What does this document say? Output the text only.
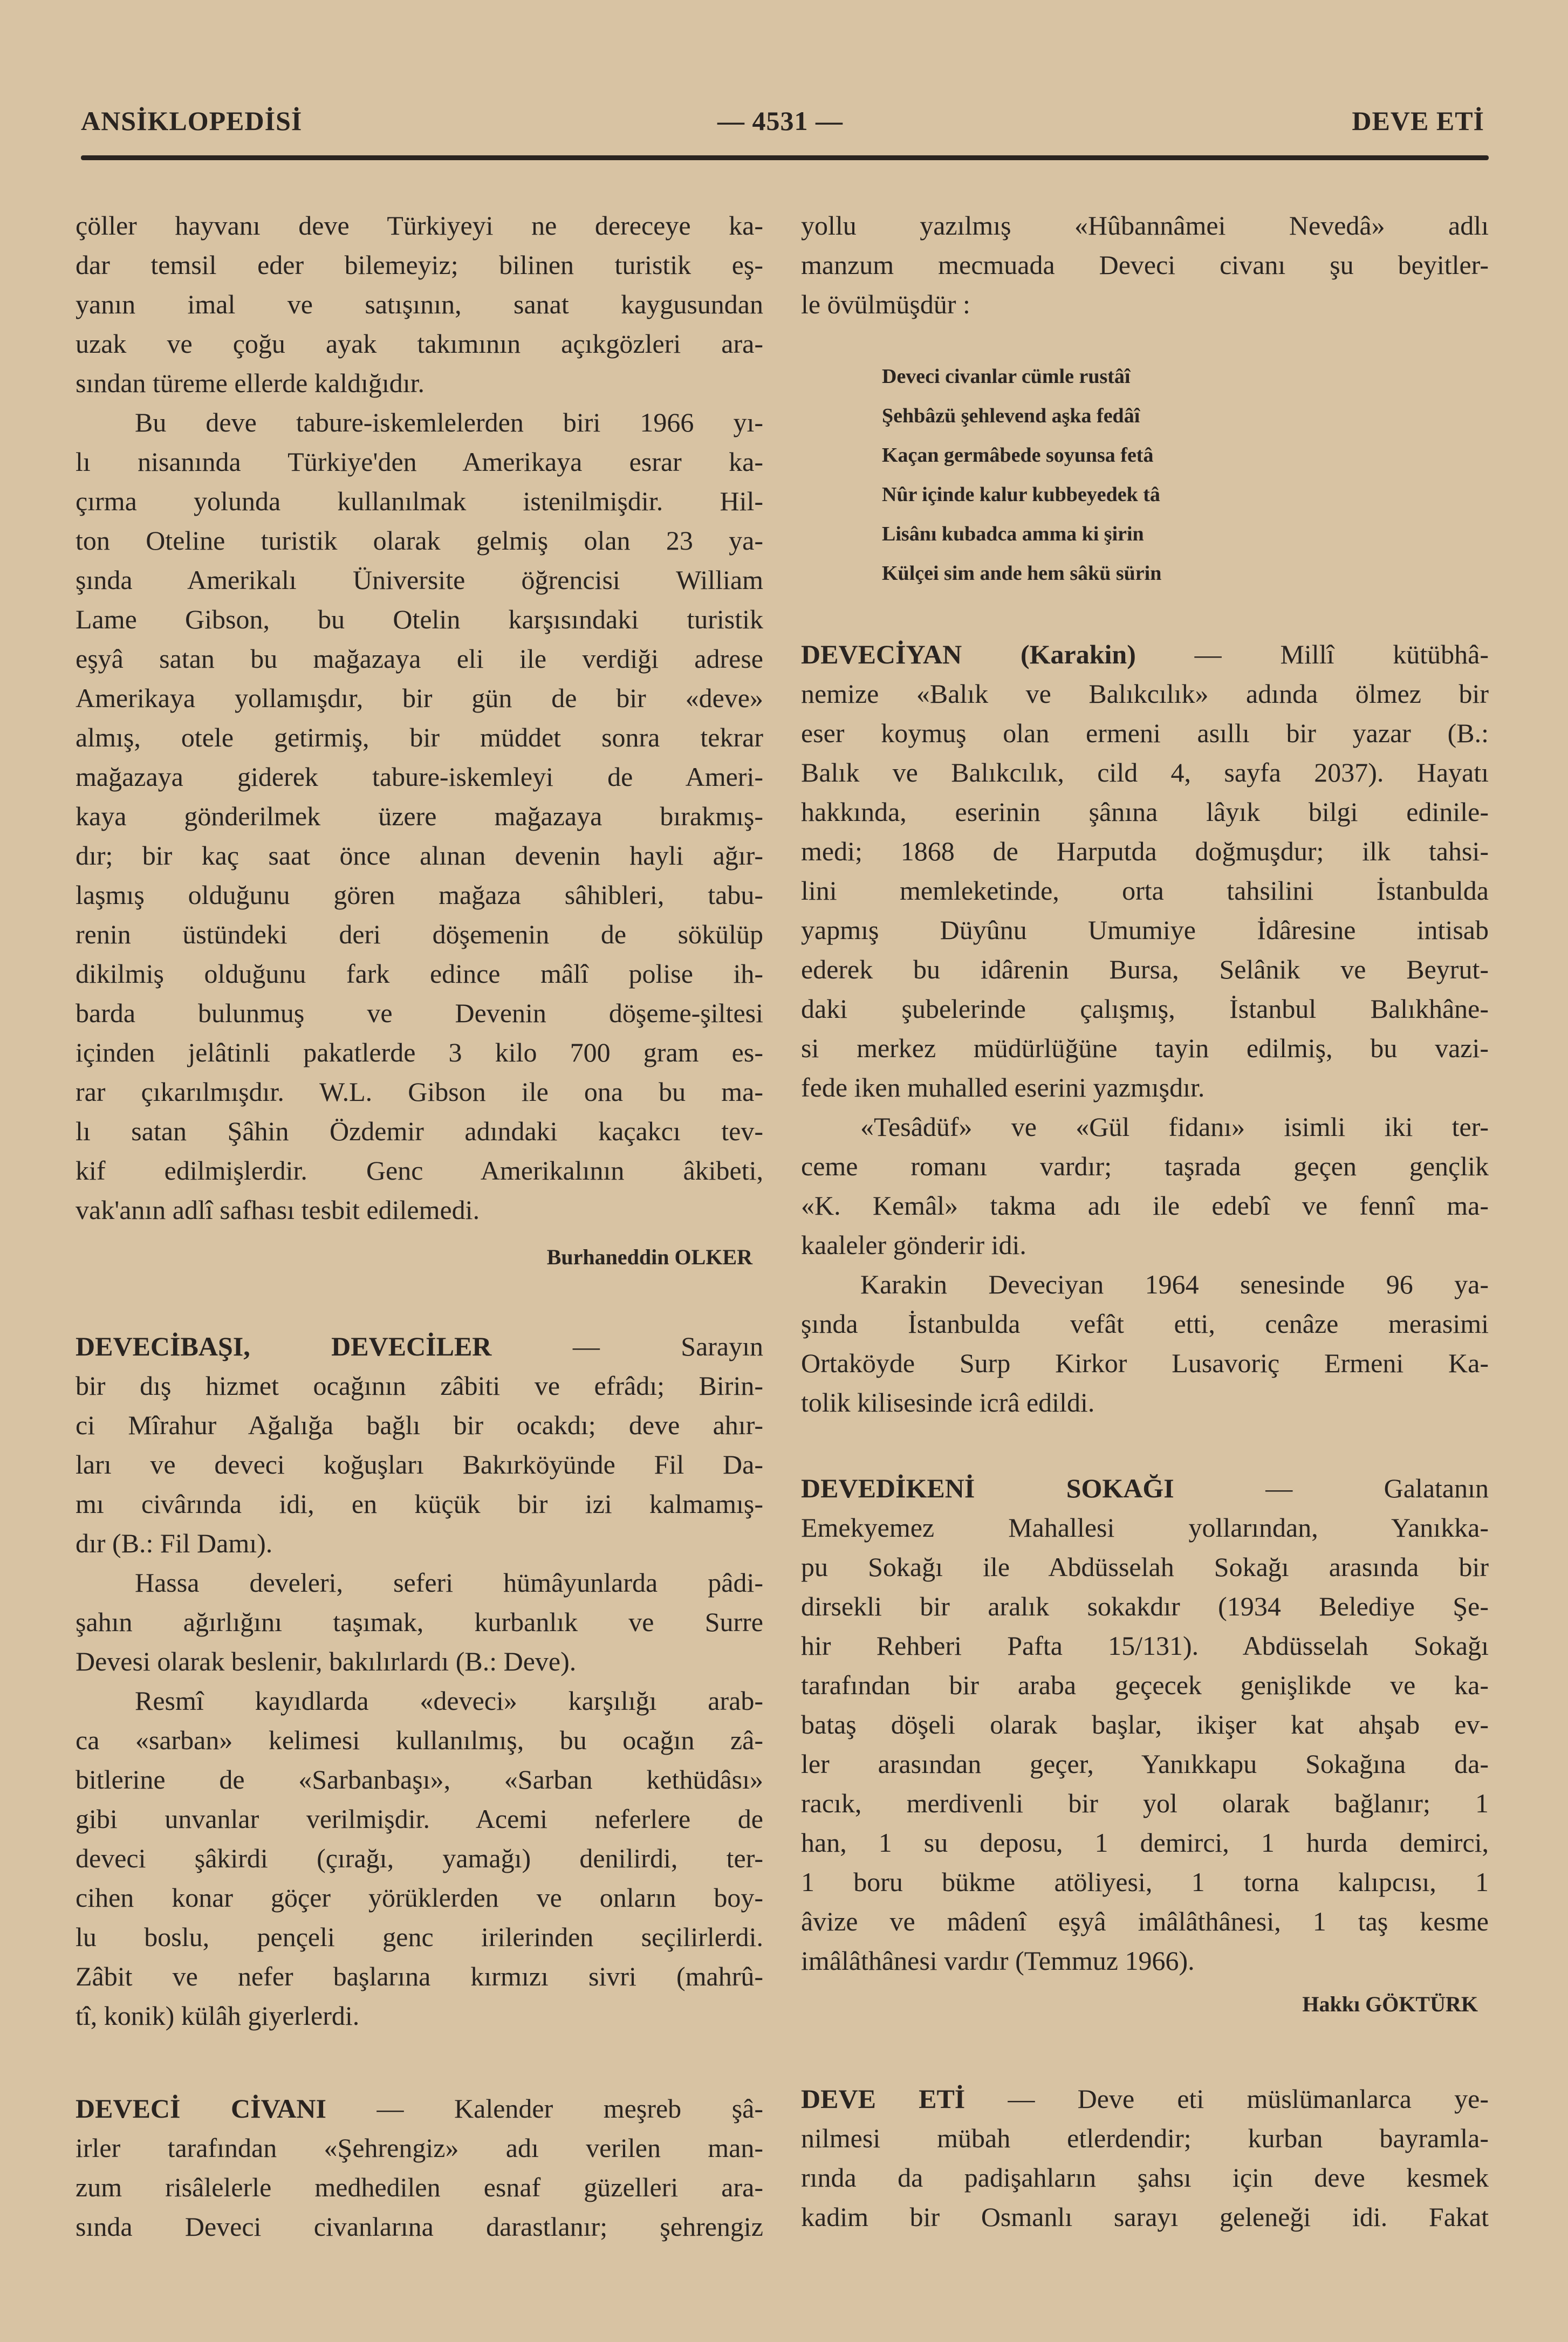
ANSİKLOPEDİSİ	— 4531 —	DEVE ETİ
çöller hayvanı deve Türkiyeyi ne dereceye ka-
dar temsil eder bilemeyiz; bilinen turistik eş-
yanın imal ve satışının, sanat kaygusundan
uzak ve çoğu ayak takımının açıkgözleri ara-
sından türeme ellerde kaldığıdır.
Bu deve tabure-iskemlelerden biri 1966 yı-
lı nisanında Türkiye'den Amerikaya esrar ka-
çırma yolunda kullanılmak istenilmişdir. Hil-
ton Oteline turistik olarak gelmiş olan 23 ya-
şında Amerikalı Üniversite öğrencisi William
Lame Gibson, bu Otelin karşısındaki turistik
eşyâ satan bu mağazaya eli ile verdiği adrese
Amerikaya yollamışdır, bir gün de bir «deve»
almış, otele getirmiş, bir müddet sonra tekrar
mağazaya giderek tabure-iskemleyi de Ameri-
kaya gönderilmek üzere mağazaya bırakmış-
dır; bir kaç saat önce alınan devenin hayli ağır-
laşmış olduğunu gören mağaza sâhibleri, tabu-
renin üstündeki deri döşemenin de sökülüp
dikilmiş olduğunu fark edince mâlî polise ih-
barda bulunmuş ve Devenin döşeme-şiltesi
içinden jelâtinli pakatlerde 3 kilo 700 gram es-
rar çıkarılmışdır. W.L. Gibson ile ona bu ma-
lı satan Şâhin Özdemir adındaki kaçakcı tev-
kif edilmişlerdir. Genc Amerikalının âkibeti,
vak'anın adlî safhası tesbit edilemedi.
Burhaneddin OLKER
DEVECİBAŞI, DEVECİLER — Sarayın
bir dış hizmet ocağının zâbiti ve efrâdı; Birin-
ci Mîrahur Ağalığa bağlı bir ocakdı; deve ahır-
ları ve deveci koğuşları Bakırköyünde Fil Da-
mı civârında idi, en küçük bir izi kalmamış-
dır (B.: Fil Damı).
Hassa develeri, seferi hümâyunlarda pâdi-
şahın ağırlığını taşımak, kurbanlık ve Surre
Devesi olarak beslenir, bakılırlardı (B.: Deve).
Resmî kayıdlarda «deveci» karşılığı arab-
ca «sarban» kelimesi kullanılmış, bu ocağın zâ-
bitlerine de «Sarbanbaşı», «Sarban kethüdâsı»
gibi unvanlar verilmişdir. Acemi neferlere de
deveci şâkirdi (çırağı, yamağı) denilirdi, ter-
cihen konar göçer yörüklerden ve onların boy-
lu boslu, pençeli genc irilerinden seçilirlerdi.
Zâbit ve nefer başlarına kırmızı sivri (mahrû-
tî, konik) külâh giyerlerdi.
DEVECİ CİVANI — Kalender meşreb şâ-
irler tarafından «Şehrengiz» adı verilen man-
zum risâlelerle medhedilen esnaf güzelleri ara-
sında Deveci civanlarına darastlanır; şehrengiz
yollu yazılmış «Hûbannâmei Nevedâ» adlı
manzum mecmuada Deveci civanı şu beyitler-
le övülmüşdür :
Deveci civanlar cümle rustâî
Şehbâzü şehlevend aşka fedâî
Kaçan germâbede soyunsa fetâ
Nûr içinde kalur kubbeyedek tâ
Lisânı kubadca amma ki şirin
Külçei sim ande hem sâkü sürin
DEVECİYAN (Karakin) — Millî kütübhâ-
nemize «Balık ve Balıkcılık» adında ölmez bir
eser koymuş olan ermeni asıllı bir yazar (B.:
Balık ve Balıkcılık, cild 4, sayfa 2037). Hayatı
hakkında, eserinin şânına lâyık bilgi edinile-
medi; 1868 de Harputda doğmuşdur; ilk tahsi-
lini memleketinde, orta tahsilini İstanbulda
yapmış Düyûnu Umumiye İdâresine intisab
ederek bu idârenin Bursa, Selânik ve Beyrut-
daki şubelerinde çalışmış, İstanbul Balıkhâne-
si merkez müdürlüğüne tayin edilmiş, bu vazi-
fede iken muhalled eserini yazmışdır.
«Tesâdüf» ve «Gül fidanı» isimli iki ter-
ceme romanı vardır; taşrada geçen gençlik
«K. Kemâl» takma adı ile edebî ve fennî ma-
kaaleler gönderir idi.
Karakin Deveciyan 1964 senesinde 96 ya-
şında İstanbulda vefât etti, cenâze merasimi
Ortaköyde Surp Kirkor Lusavoriç Ermeni Ka-
tolik kilisesinde icrâ edildi.
DEVEDİKENİ SOKAĞI — Galatanın
Emekyemez Mahallesi yollarından, Yanıkka-
pu Sokağı ile Abdüsselah Sokağı arasında bir
dirsekli bir aralık sokakdır (1934 Belediye Şe-
hir Rehberi Pafta 15/131). Abdüsselah Sokağı
tarafından bir araba geçecek genişlikde ve ka-
bataş döşeli olarak başlar, ikişer kat ahşab ev-
ler arasından geçer, Yanıkkapu Sokağına da-
racık, merdivenli bir yol olarak bağlanır; 1
han, 1 su deposu, 1 demirci, 1 hurda demirci,
1 boru bükme atöliyesi, 1 torna kalıpcısı, 1
âvize ve mâdenî eşyâ imâlâthânesi, 1 taş kesme
imâlâthânesi vardır (Temmuz 1966).
Hakkı GÖKTÜRK
DEVE ETİ — Deve eti müslümanlarca ye-
nilmesi mübah etlerdendir; kurban bayramla-
rında da padişahların şahsı için deve kesmek
kadim bir Osmanlı sarayı geleneği idi. Fakat
